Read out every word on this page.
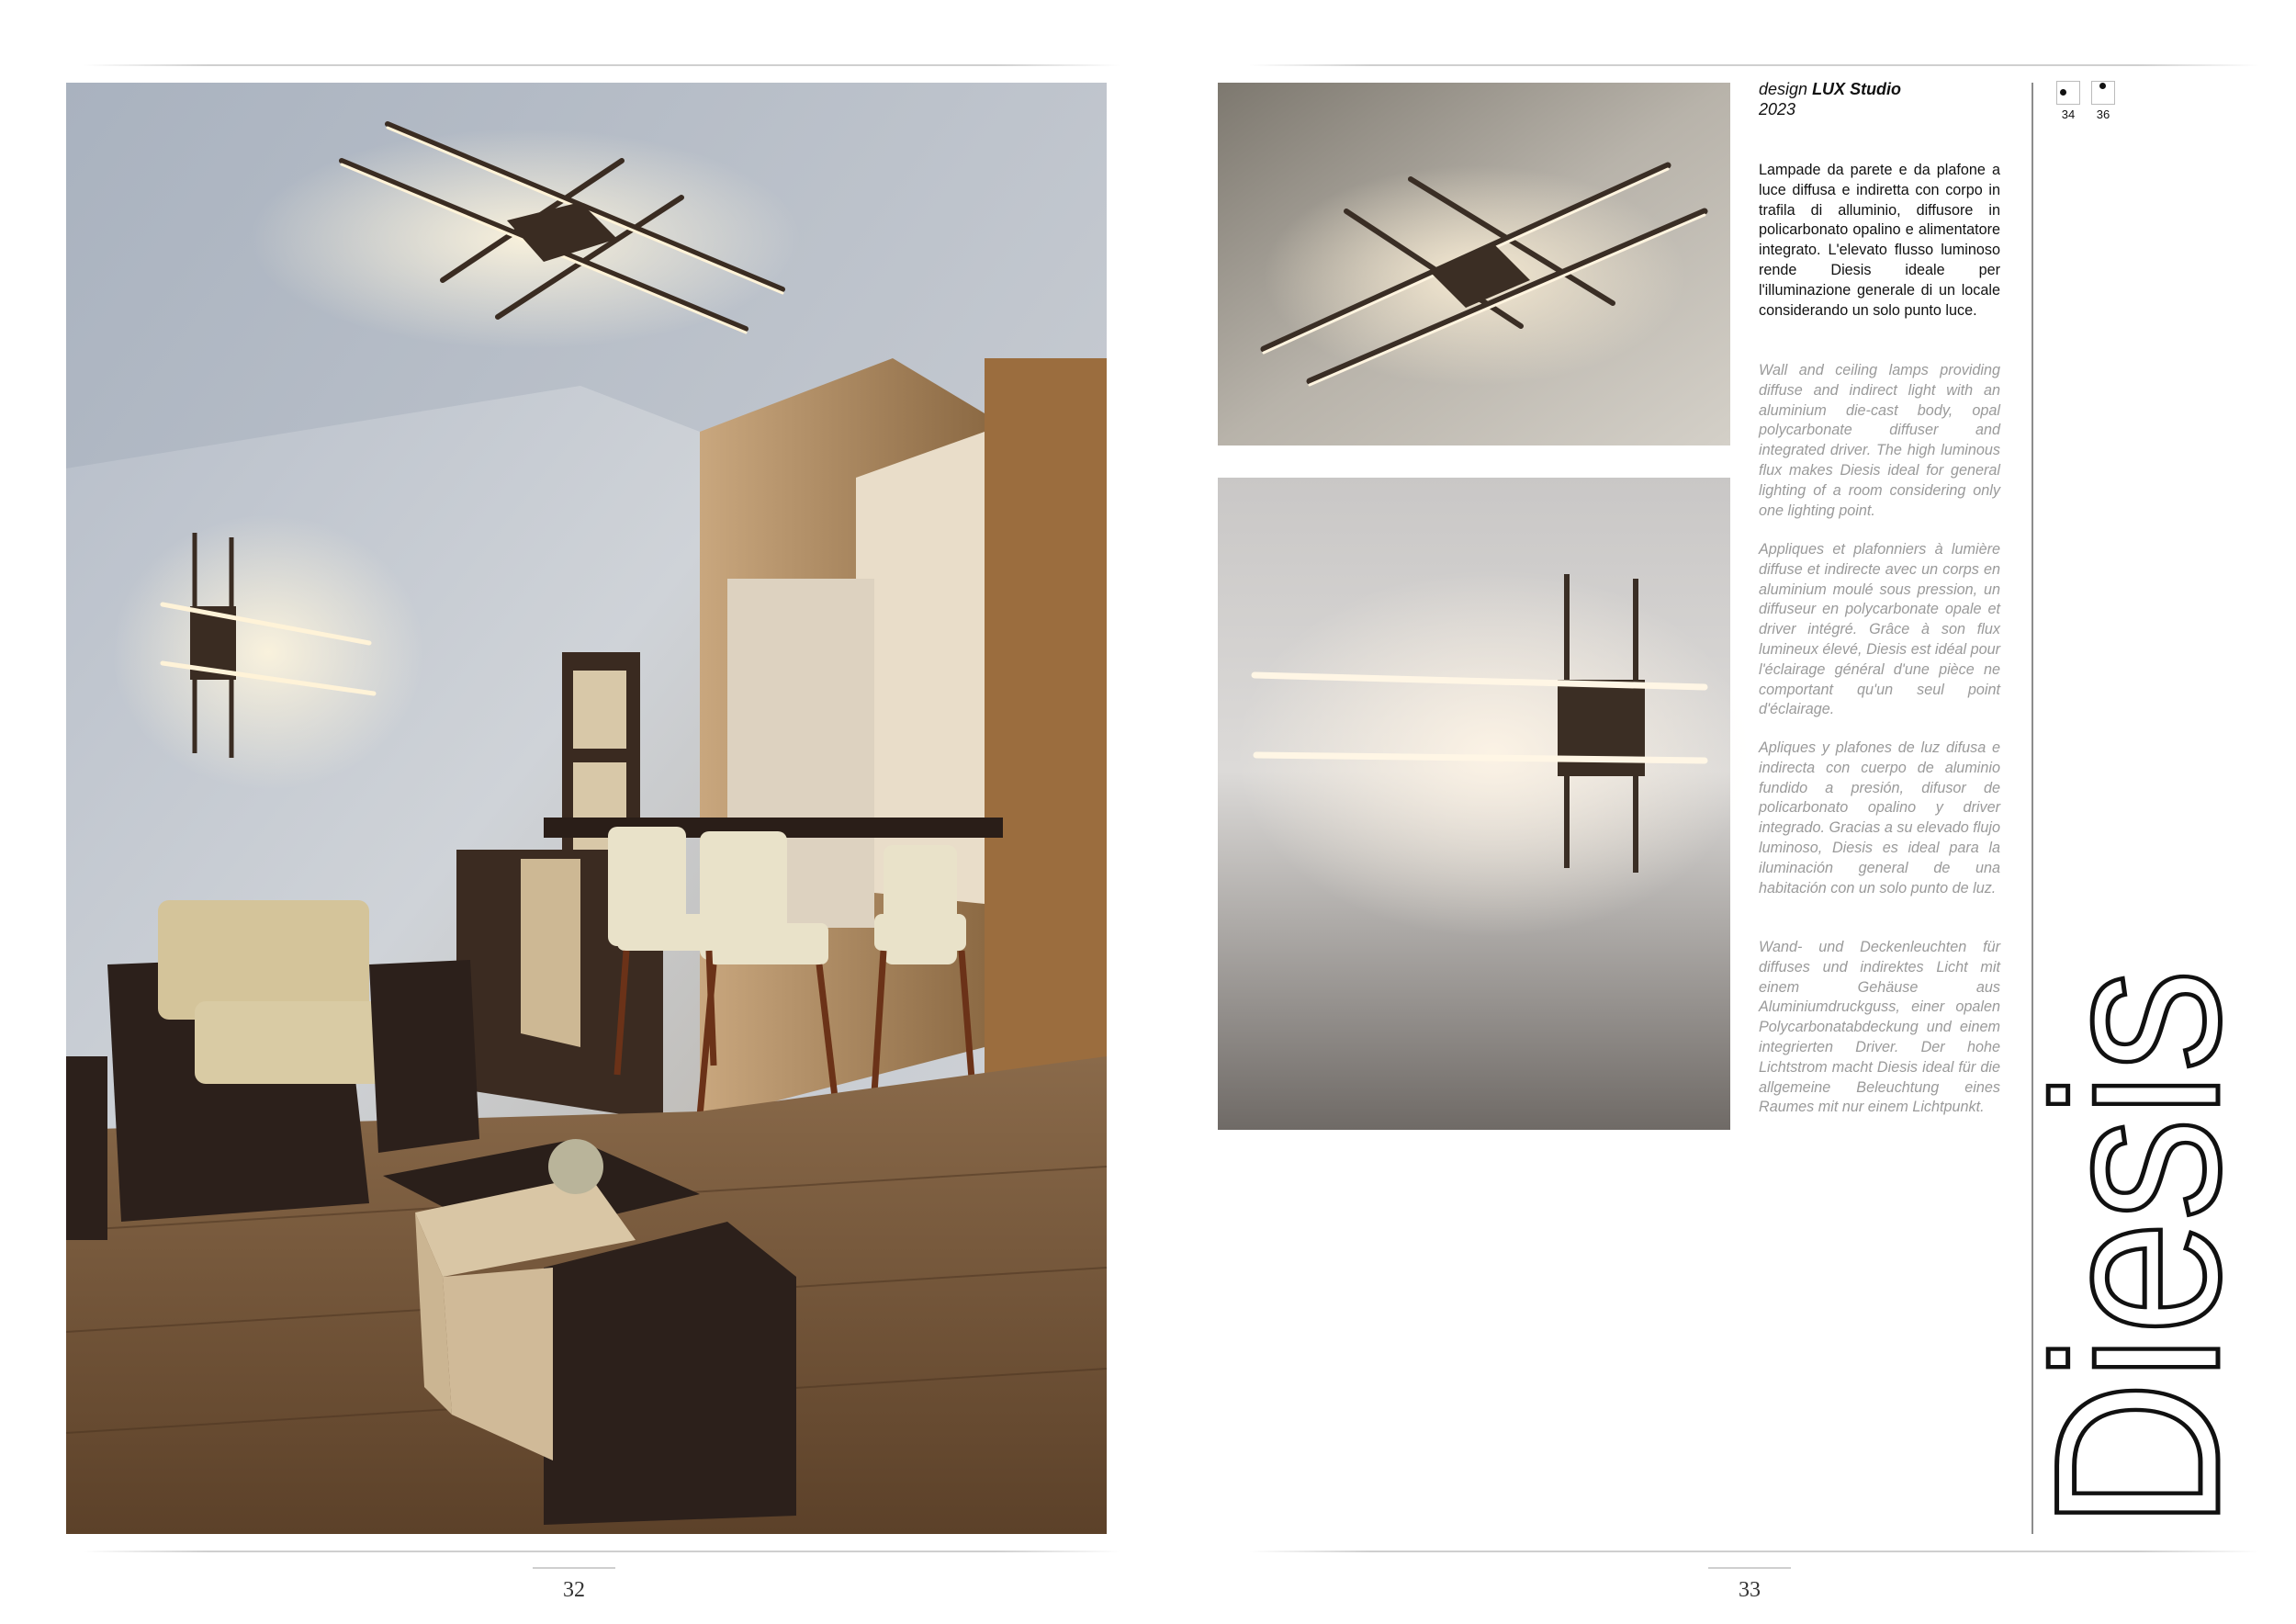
design LUX Studio
2023
Lampade da parete e da plafone a luce diffusa e indiretta con corpo in trafila di alluminio, diffusore in policarbonato opalino e alimentatore integrato. L'elevato flusso luminoso rende Diesis ideale per l'illuminazione generale di un locale considerando un solo punto luce.
Wall and ceiling lamps providing diffuse and indirect light with an aluminium die-cast body, opal polycarbonate diffuser and integrated driver. The high luminous flux makes Diesis ideal for general lighting of a room considering only one lighting point.
Appliques et plafonniers à lumière diffuse et indirecte avec un corps en aluminium moulé sous pression, un diffuseur en polycarbonate opale et driver intégré. Grâce à son flux lumineux élevé, Diesis est idéal pour l'éclairage général d'une pièce ne comportant qu'un seul point d'éclairage.
Apliques y plafones de luz difusa e indirecta con cuerpo de aluminio fundido a presión, difusor de policarbonato opalino y driver integrado. Gracias a su elevado flujo luminoso, Diesis es ideal para la iluminación general de una habitación con un solo punto de luz.
Wand- und Deckenleuchten für diffuses und indirektes Licht mit einem Gehäuse aus Aluminiumdruckguss, einer opalen Polycarbonatabdeckung und einem integrierten Driver. Der hohe Lichtstrom macht Diesis ideal für die allgemeine Beleuchtung eines Raumes mit nur einem Lichtpunkt.
34	36
Diesis
32	33
